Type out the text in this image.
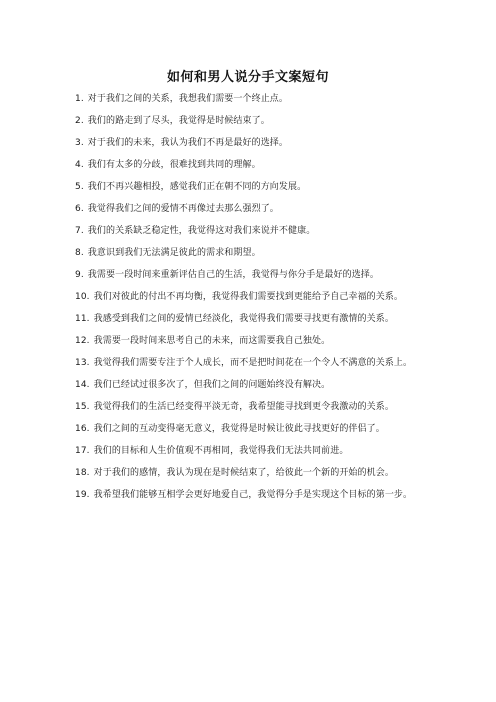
如何和男人说分手文案短句
1. 对于我们之间的关系，我想我们需要一个终止点。
2. 我们的路走到了尽头，我觉得是时候结束了。
3. 对于我们的未来，我认为我们不再是最好的选择。
4. 我们有太多的分歧，很难找到共同的理解。
5. 我们不再兴趣相投，感觉我们正在朝不同的方向发展。
6. 我觉得我们之间的爱情不再像过去那么强烈了。
7. 我们的关系缺乏稳定性，我觉得这对我们来说并不健康。
8. 我意识到我们无法满足彼此的需求和期望。
9. 我需要一段时间来重新评估自己的生活，我觉得与你分手是最好的选择。
10. 我们对彼此的付出不再均衡，我觉得我们需要找到更能给予自己幸福的关系。
11. 我感受到我们之间的爱情已经淡化，我觉得我们需要寻找更有激情的关系。
12. 我需要一段时间来思考自己的未来，而这需要我自己独处。
13. 我觉得我们需要专注于个人成长，而不是把时间花在一个令人不满意的关系上。
14. 我们已经试过很多次了，但我们之间的问题始终没有解决。
15. 我觉得我们的生活已经变得平淡无奇，我希望能寻找到更令我激动的关系。
16. 我们之间的互动变得毫无意义，我觉得是时候让彼此寻找更好的伴侣了。
17. 我们的目标和人生价值观不再相同，我觉得我们无法共同前进。
18. 对于我们的感情，我认为现在是时候结束了，给彼此一个新的开始的机会。
19. 我希望我们能够互相学会更好地爱自己，我觉得分手是实现这个目标的第一步。
